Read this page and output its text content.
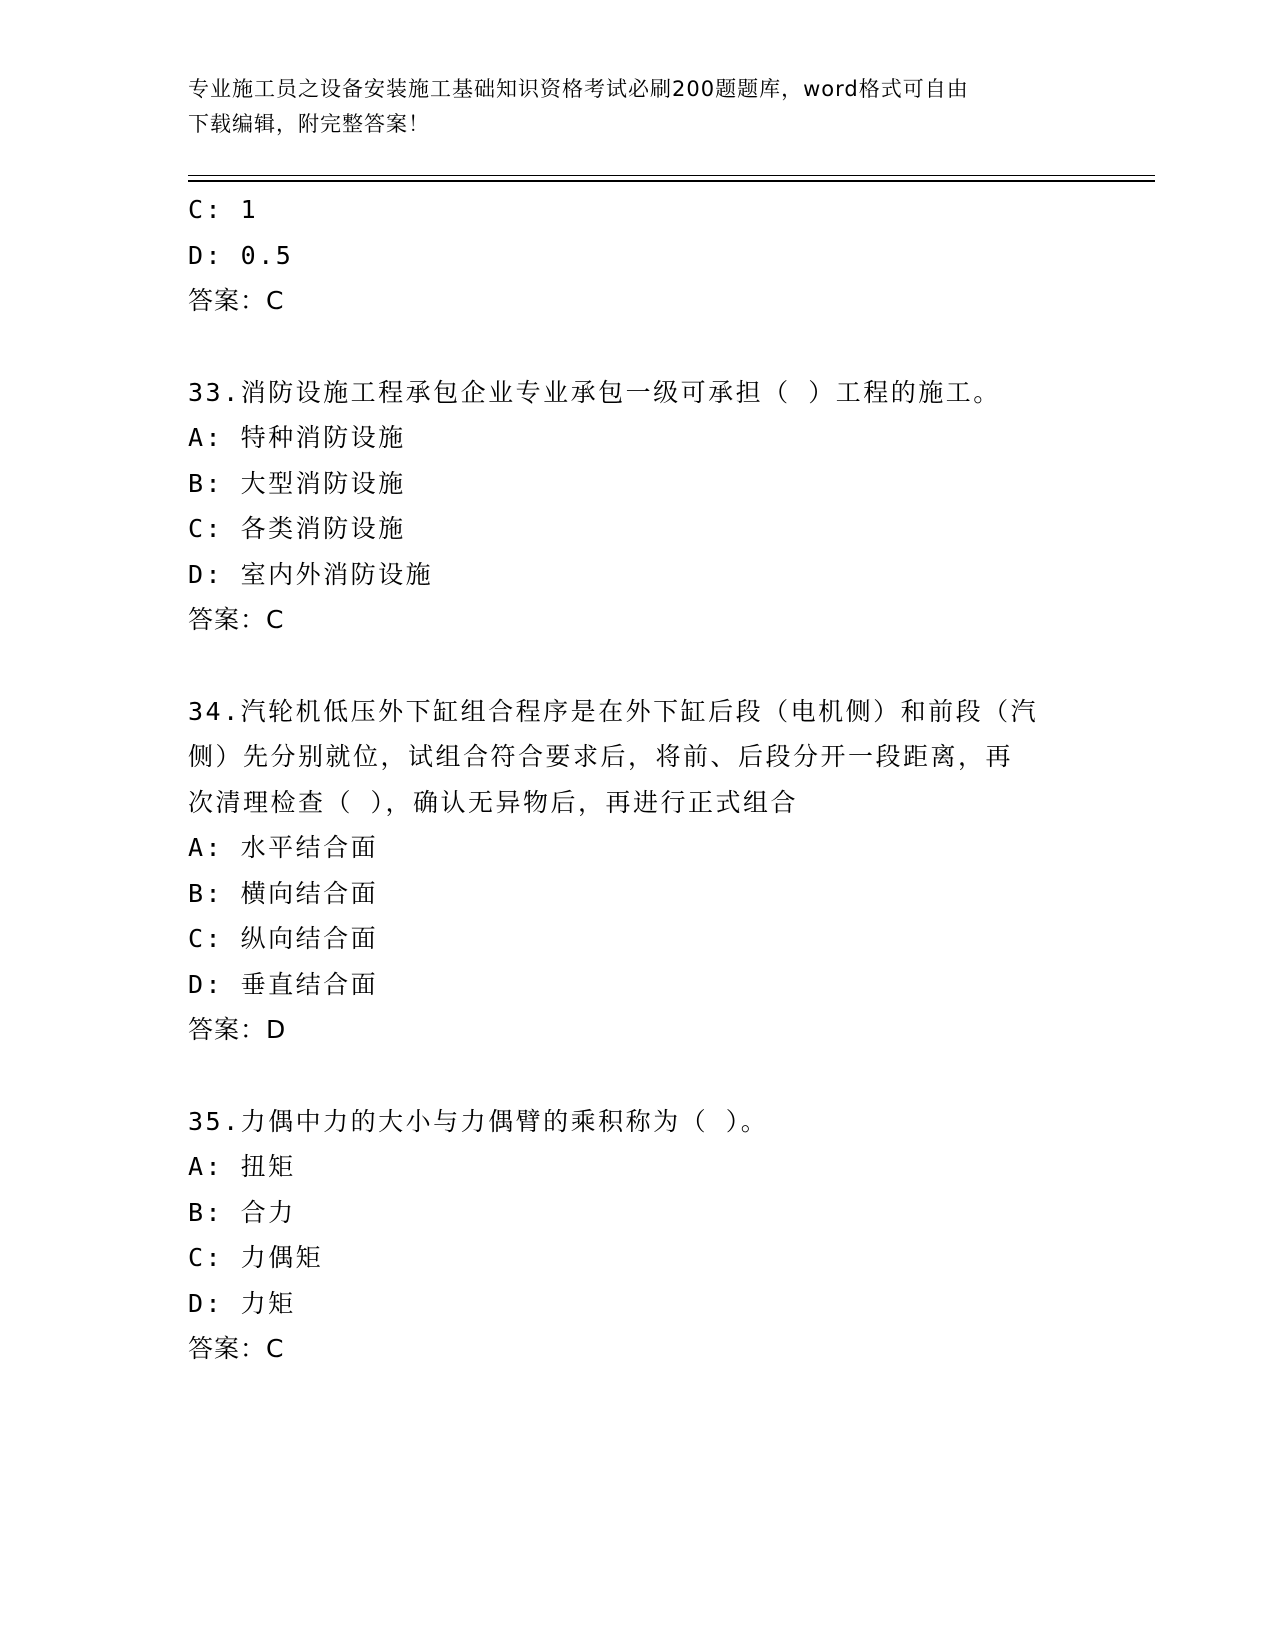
专业施工员之设备安装施工基础知识资格考试必刷200题题库，word格式可自由
下载编辑，附完整答案！
C: 1
D: 0.5
答案：C
33.消防设施工程承包企业专业承包一级可承担（ ）工程的施工。
A: 特种消防设施
B: 大型消防设施
C: 各类消防设施
D: 室内外消防设施
答案：C
34.汽轮机低压外下缸组合程序是在外下缸后段（电机侧）和前段（汽
侧）先分别就位，试组合符合要求后，将前、后段分开一段距离，再
次清理检查（ ），确认无异物后，再进行正式组合
A: 水平结合面
B: 横向结合面
C: 纵向结合面
D: 垂直结合面
答案：D
35.力偶中力的大小与力偶臂的乘积称为（ ）。
A: 扭矩
B: 合力
C: 力偶矩
D: 力矩
答案：C
